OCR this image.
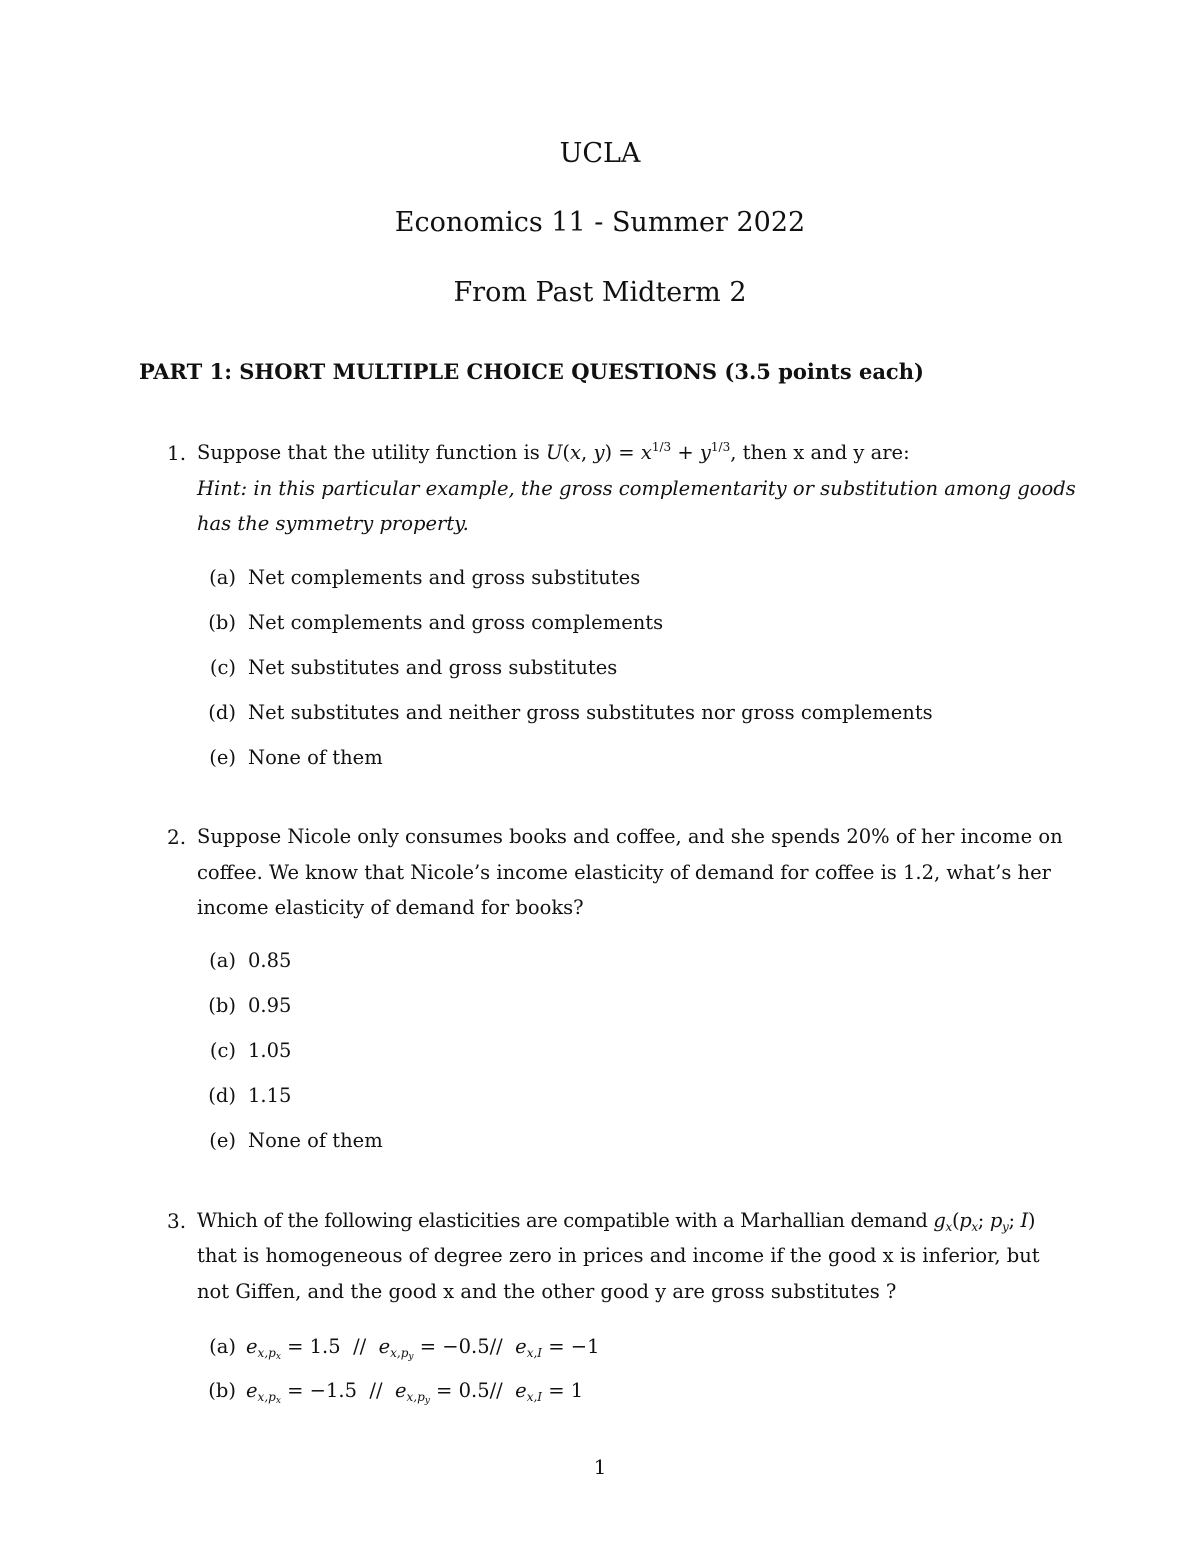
UCLA
Economics 11 - Summer 2022
From Past Midterm 2
PART 1: SHORT MULTIPLE CHOICE QUESTIONS (3.5 points each)
1. Suppose that the utility function is U(x, $y) = x^{1/3} + y^{1/3}$, then x and y are:
Hint: in this particular example, the gross complementarity or substitution among goods
has the symmetry property.
(a) Net complements and gross substitutes
(b) Net complements and gross complements
(c) Net substitutes and gross substitutes
(d) Net substitutes and neither gross substitutes nor gross complements
(e) None of them
2. Suppose Nicole only consumes books and coffee, and she spends 20% of her income on
coffee. We know that Nicole’s income elasticity of demand for coffee is 1.2, what’s her
income elasticity of demand for books?
(a) 0.85
(b) 0.95
(c) 1.05
(d) 1.15
(e) None of them
3. Which of the following elasticities are compatible with a Marhallian demand $g_x(p_x$; $p_y$; I)
that is homogeneous of degree zero in prices and income if the good x is inferior, but
not Giffen, and the good x and the other good y are gross substitutes ?
(a) $e_{x,p_x} = 1.5 // e_{x,p_y} = -0.5//$ $e_{x,I} = -1$
(b) $e_{x,p_x} = -1.5 // e_{x,p_y} = 0.5//$ $e_{x,I} = 1$
1
